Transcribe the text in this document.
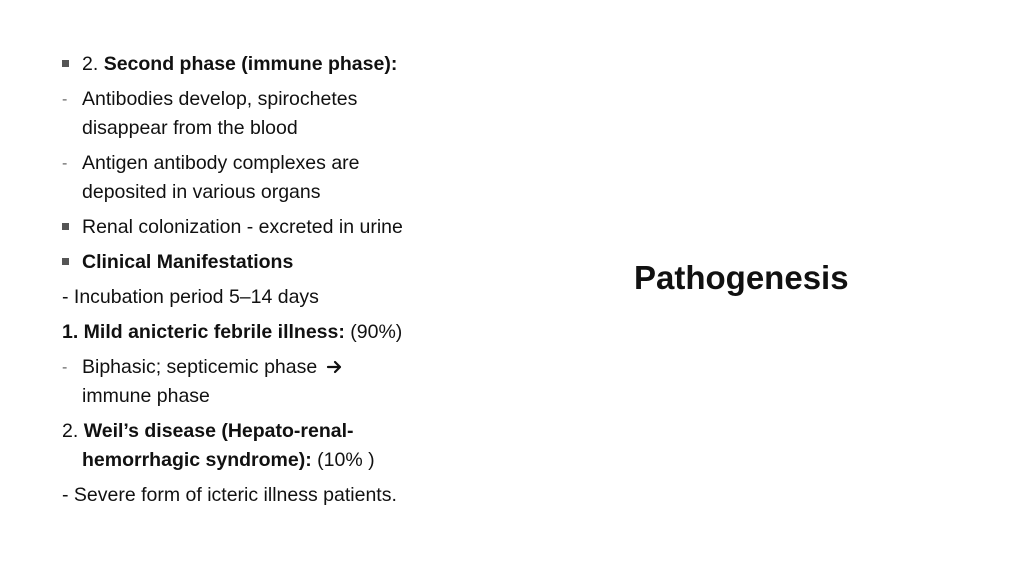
2. Second phase (immune phase):
- Antibodies develop, spirochetes
disappear from the blood
- Antigen antibody complexes are
deposited in various organs
Renal colonization - excreted in urine
Clinical Manifestations
- Incubation period 5–14 days
1. Mild anicteric febrile illness: (90%)
- Biphasic; septicemic phase
immune phase
2. Weil’s disease (Hepato-renal-
hemorrhagic syndrome): (10% )
- Severe form of icteric illness patients.
Pathogenesis
